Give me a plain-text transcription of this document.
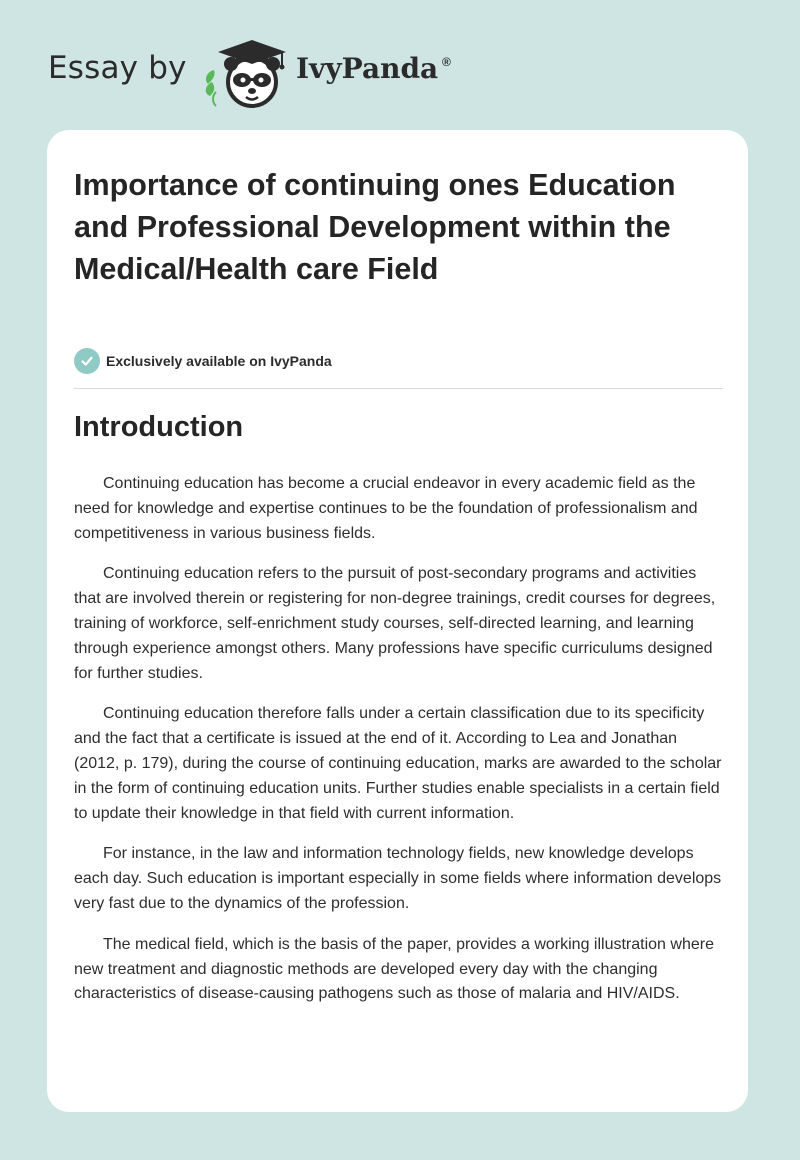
Essay by	IvyPanda ®
Importance of continuing ones Education and Professional Development within the Medical/Health care Field
Exclusively available on IvyPanda
Introduction

Continuing education has become a crucial endeavor in every academic field as the need for knowledge and expertise continues to be the foundation of professionalism and competitiveness in various business fields.

Continuing education refers to the pursuit of post-secondary programs and activities that are involved therein or registering for non-degree trainings, credit courses for degrees, training of workforce, self-enrichment study courses, self-directed learning, and learning through experience amongst others. Many professions have specific curriculums designed for further studies.

Continuing education therefore falls under a certain classification due to its specificity and the fact that a certificate is issued at the end of it. According to Lea and Jonathan (2012, p. 179), during the course of continuing education, marks are awarded to the scholar in the form of continuing education units. Further studies enable specialists in a certain field to update their knowledge in that field with current information.

For instance, in the law and information technology fields, new knowledge develops each day. Such education is important especially in some fields where information develops very fast due to the dynamics of the profession.

The medical field, which is the basis of the paper, provides a working illustration where new treatment and diagnostic methods are developed every day with the changing characteristics of disease-causing pathogens such as those of malaria and HIV/AIDS.
